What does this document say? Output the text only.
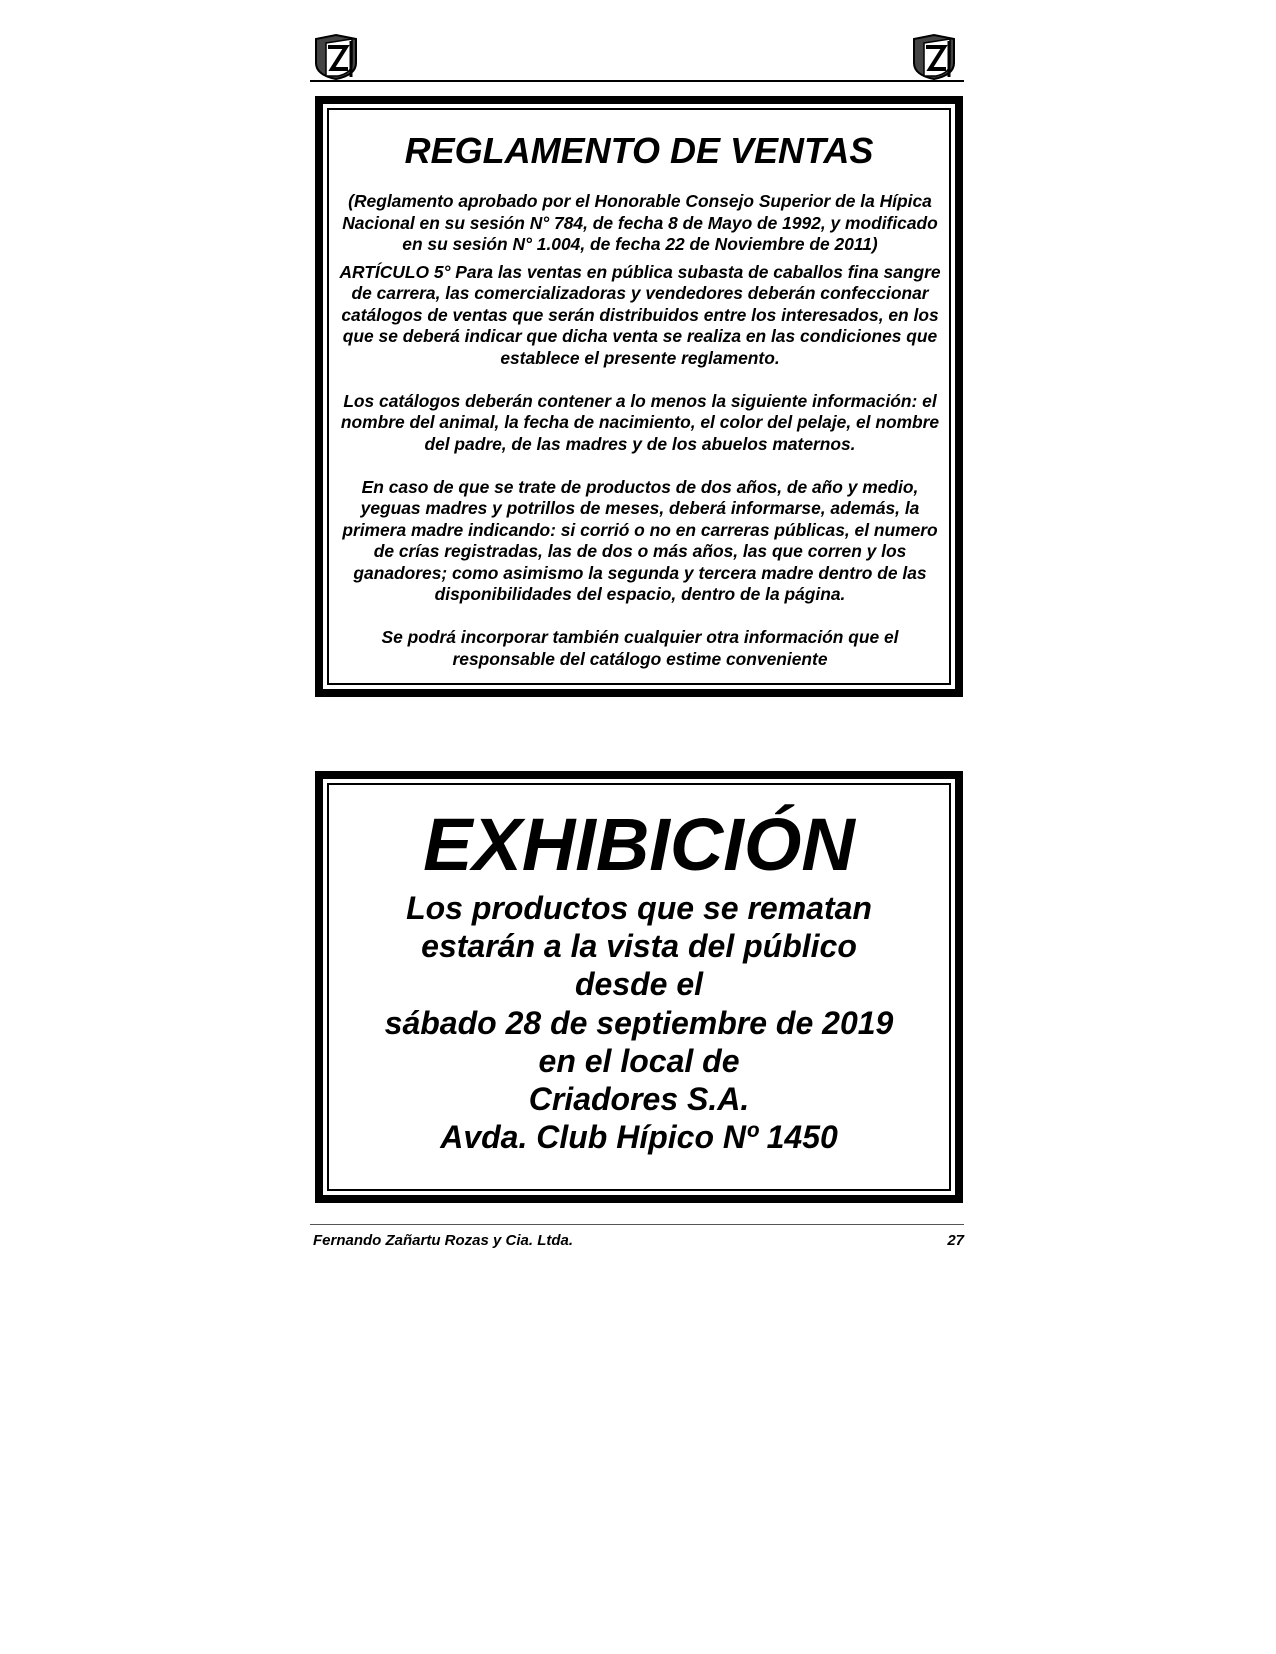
REGLAMENTO DE VENTAS

(Reglamento aprobado por el Honorable Consejo Superior de la Hípica Nacional en su sesión N° 784, de fecha 8 de Mayo de 1992, y modificado en su sesión N° 1.004, de fecha 22 de Noviembre de 2011)

ARTÍCULO 5° Para las ventas en pública subasta de caballos fina sangre de carrera, las comercializadoras y vendedores deberán confeccionar catálogos de ventas que serán distribuidos entre los interesados, en los que se deberá indicar que dicha venta se realiza en las condiciones que establece el presente reglamento.

Los catálogos deberán contener a lo menos la siguiente información: el nombre del animal, la fecha de nacimiento, el color del pelaje, el nombre del padre, de las madres y de los abuelos maternos.

En caso de que se trate de productos de dos años, de año y medio, yeguas madres y potrillos de meses, deberá informarse, además, la primera madre indicando: si corrió o no en carreras públicas, el numero de crías registradas, las de dos o más años, las que corren y los ganadores; como asimismo la segunda y tercera madre dentro de las disponibilidades del espacio, dentro de la página.

Se podrá incorporar también cualquier otra información que el responsable del catálogo estime conveniente

EXHIBICIÓN
Los productos que se rematan
estarán a la vista del público
desde el
sábado 28 de septiembre de 2019
en el local de
Criadores S.A.
Avda. Club Hípico Nº 1450
Fernando Zañartu Rozas y Cia. Ltda.	27
